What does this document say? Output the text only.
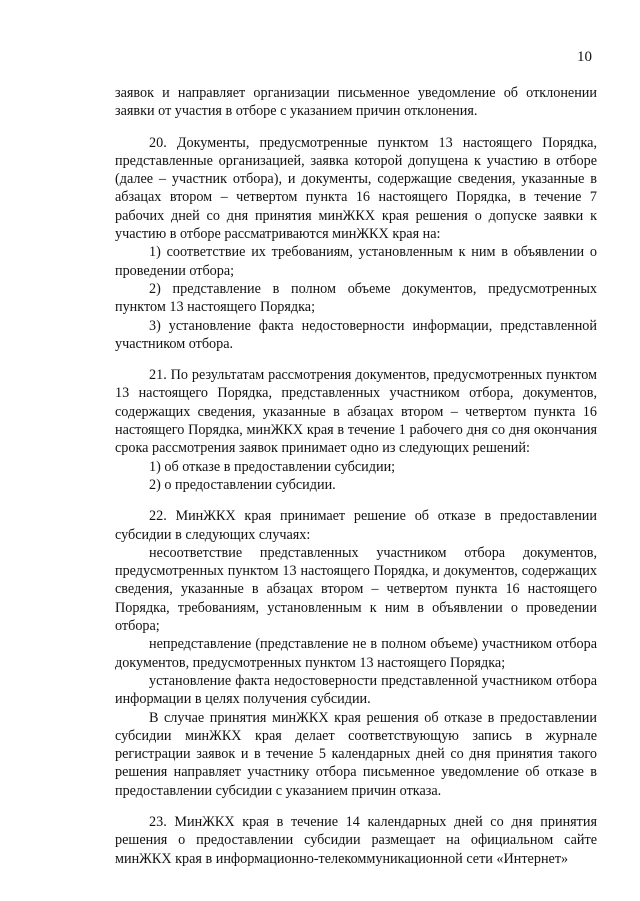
10

заявок и направляет организации письменное уведомление об отклонении заявки от участия в отборе с указанием причин отклонения.

20. Документы, предусмотренные пунктом 13 настоящего Порядка, представленные организацией, заявка которой допущена к участию в отборе (далее – участник отбора), и документы, содержащие сведения, указанные в абзацах втором – четвертом пункта 16 настоящего Порядка, в течение 7 рабочих дней со дня принятия минЖКХ края решения о допуске заявки к участию в отборе рассматриваются минЖКХ края на:

1) соответствие их требованиям, установленным к ним в объявлении о проведении отбора;

2) представление в полном объеме документов, предусмотренных пунктом 13 настоящего Порядка;

3) установление факта недостоверности информации, представленной участником отбора.

21. По результатам рассмотрения документов, предусмотренных пунктом 13 настоящего Порядка, представленных участником отбора, документов, содержащих сведения, указанные в абзацах втором – четвертом пункта 16 настоящего Порядка, минЖКХ края в течение 1 рабочего дня со дня окончания срока рассмотрения заявок принимает одно из следующих решений:

1) об отказе в предоставлении субсидии;

2) о предоставлении субсидии.

22. МинЖКХ края принимает решение об отказе в предоставлении субсидии в следующих случаях:

несоответствие представленных участником отбора документов, предусмотренных пунктом 13 настоящего Порядка, и документов, содержащих сведения, указанные в абзацах втором – четвертом пункта 16 настоящего Порядка, требованиям, установленным к ним в объявлении о проведении отбора;

непредставление (представление не в полном объеме) участником отбора документов, предусмотренных пунктом 13 настоящего Порядка;

установление факта недостоверности представленной участником отбора информации в целях получения субсидии.

В случае принятия минЖКХ края решения об отказе в предоставлении субсидии минЖКХ края делает соответствующую запись в журнале регистрации заявок и в течение 5 календарных дней со дня принятия такого решения направляет участнику отбора письменное уведомление об отказе в предоставлении субсидии с указанием причин отказа.

23. МинЖКХ края в течение 14 календарных дней со дня принятия решения о предоставлении субсидии размещает на официальном сайте минЖКХ края в информационно-телекоммуникационной сети «Интернет»
